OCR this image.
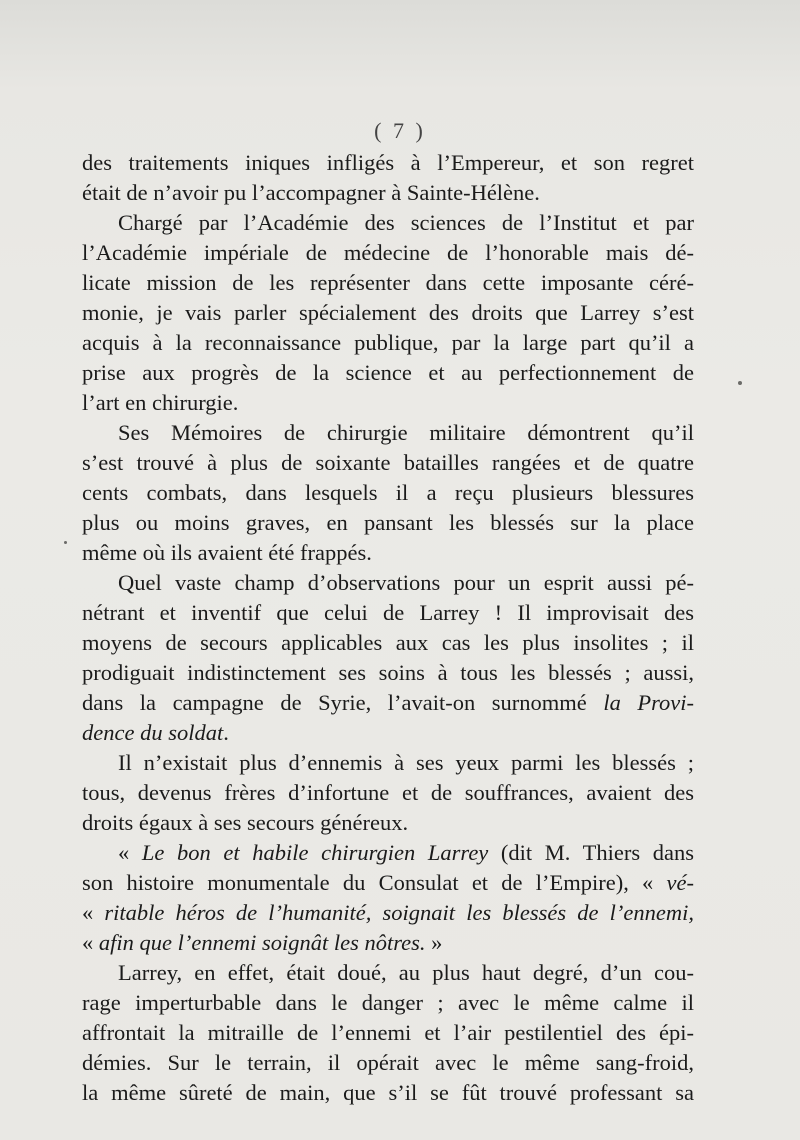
( 7 )
des traitements iniques infligés à l’Empereur, et son regret
était de n’avoir pu l’accompagner à Sainte-Hélène.
Chargé par l’Académie des sciences de l’Institut et par
l’Académie impériale de médecine de l’honorable mais dé-
licate mission de les représenter dans cette imposante céré-
monie, je vais parler spécialement des droits que Larrey s’est
acquis à la reconnaissance publique, par la large part qu’il a
prise aux progrès de la science et au perfectionnement de
l’art en chirurgie.
Ses Mémoires de chirurgie militaire démontrent qu’il
s’est trouvé à plus de soixante batailles rangées et de quatre
cents combats, dans lesquels il a reçu plusieurs blessures
plus ou moins graves, en pansant les blessés sur la place
même où ils avaient été frappés.
Quel vaste champ d’observations pour un esprit aussi pé-
nétrant et inventif que celui de Larrey ! Il improvisait des
moyens de secours applicables aux cas les plus insolites ; il
prodiguait indistinctement ses soins à tous les blessés ; aussi,
dans la campagne de Syrie, l’avait-on surnommé la Provi-
dence du soldat.
Il n’existait plus d’ennemis à ses yeux parmi les blessés ;
tous, devenus frères d’infortune et de souffrances, avaient des
droits égaux à ses secours généreux.
« Le bon et habile chirurgien Larrey (dit M. Thiers dans
son histoire monumentale du Consulat et de l’Empire), « vé-
« ritable héros de l’humanité, soignait les blessés de l’ennemi,
« afin que l’ennemi soignât les nôtres. »
Larrey, en effet, était doué, au plus haut degré, d’un cou-
rage imperturbable dans le danger ; avec le même calme il
affrontait la mitraille de l’ennemi et l’air pestilentiel des épi-
démies. Sur le terrain, il opérait avec le même sang-froid,
la même sûreté de main, que s’il se fût trouvé professant sa
